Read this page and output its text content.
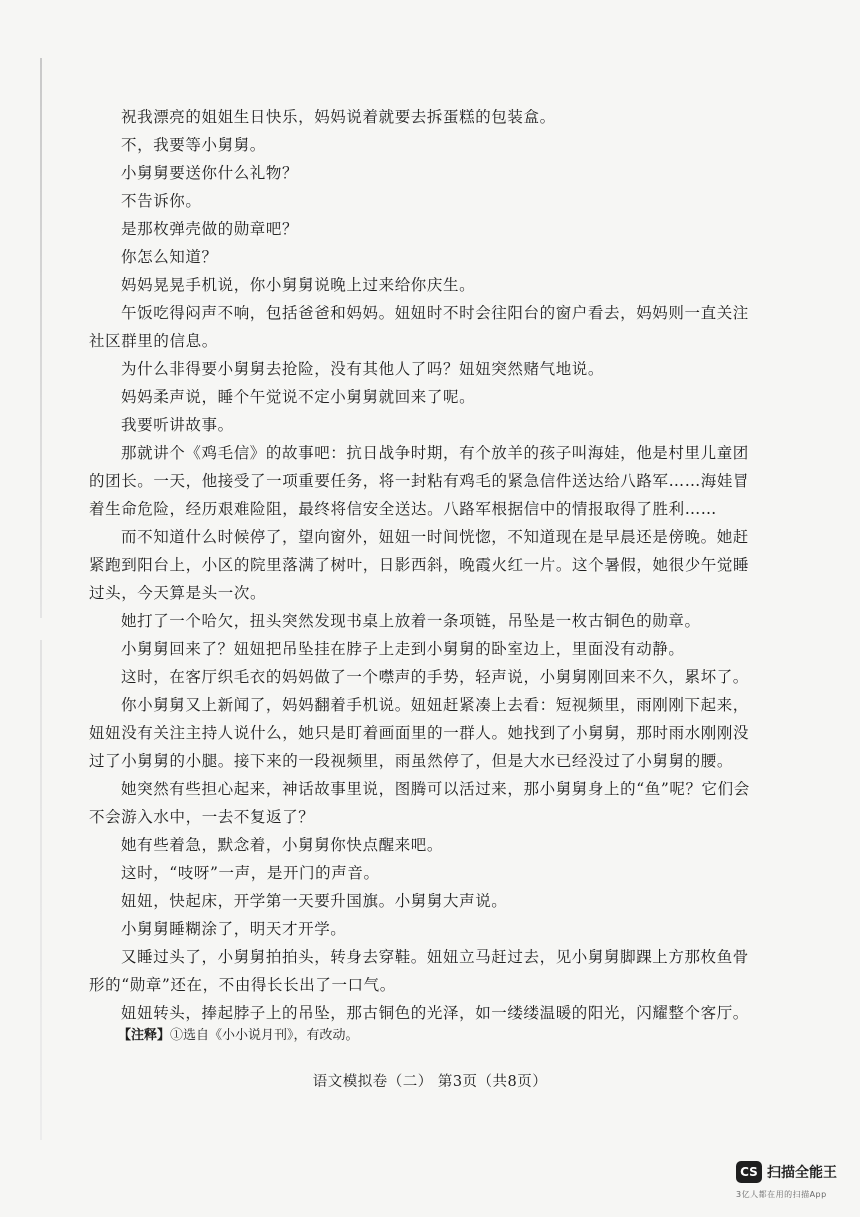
祝我漂亮的姐姐生日快乐，妈妈说着就要去拆蛋糕的包装盒。
不，我要等小舅舅。
小舅舅要送你什么礼物？
不告诉你。
是那枚弹壳做的勋章吧？
你怎么知道？
妈妈晃晃手机说，你小舅舅说晚上过来给你庆生。
午饭吃得闷声不响，包括爸爸和妈妈。妞妞时不时会往阳台的窗户看去，妈妈则一直关注
社区群里的信息。
为什么非得要小舅舅去抢险，没有其他人了吗？妞妞突然赌气地说。
妈妈柔声说，睡个午觉说不定小舅舅就回来了呢。
我要听讲故事。
那就讲个《鸡毛信》的故事吧：抗日战争时期，有个放羊的孩子叫海娃，他是村里儿童团
的团长。一天，他接受了一项重要任务，将一封粘有鸡毛的紧急信件送达给八路军……海娃冒
着生命危险，经历艰难险阻，最终将信安全送达。八路军根据信中的情报取得了胜利……
而不知道什么时候停了，望向窗外，妞妞一时间恍惚，不知道现在是早晨还是傍晚。她赶
紧跑到阳台上，小区的院里落满了树叶，日影西斜，晚霞火红一片。这个暑假，她很少午觉睡
过头，今天算是头一次。
她打了一个哈欠，扭头突然发现书桌上放着一条项链，吊坠是一枚古铜色的勋章。
小舅舅回来了？妞妞把吊坠挂在脖子上走到小舅舅的卧室边上，里面没有动静。
这时，在客厅织毛衣的妈妈做了一个噤声的手势，轻声说，小舅舅刚回来不久，累坏了。
你小舅舅又上新闻了，妈妈翻着手机说。妞妞赶紧凑上去看：短视频里，雨刚刚下起来，
妞妞没有关注主持人说什么，她只是盯着画面里的一群人。她找到了小舅舅，那时雨水刚刚没
过了小舅舅的小腿。接下来的一段视频里，雨虽然停了，但是大水已经没过了小舅舅的腰。
她突然有些担心起来，神话故事里说，图腾可以活过来，那小舅舅身上的“鱼”呢？它们会
不会游入水中，一去不复返了？
她有些着急，默念着，小舅舅你快点醒来吧。
这时，“吱呀”一声，是开门的声音。
妞妞，快起床，开学第一天要升国旗。小舅舅大声说。
小舅舅睡糊涂了，明天才开学。
又睡过头了，小舅舅拍拍头，转身去穿鞋。妞妞立马赶过去，见小舅舅脚踝上方那枚鱼骨
形的“勋章”还在，不由得长长出了一口气。
妞妞转头，捧起脖子上的吊坠，那古铜色的光泽，如一缕缕温暖的阳光，闪耀整个客厅。
【注释】①选自《小小说月刊》，有改动。
语文模拟卷（二） 第3页（共8页）
CS 扫描全能王
3亿人都在用的扫描App
